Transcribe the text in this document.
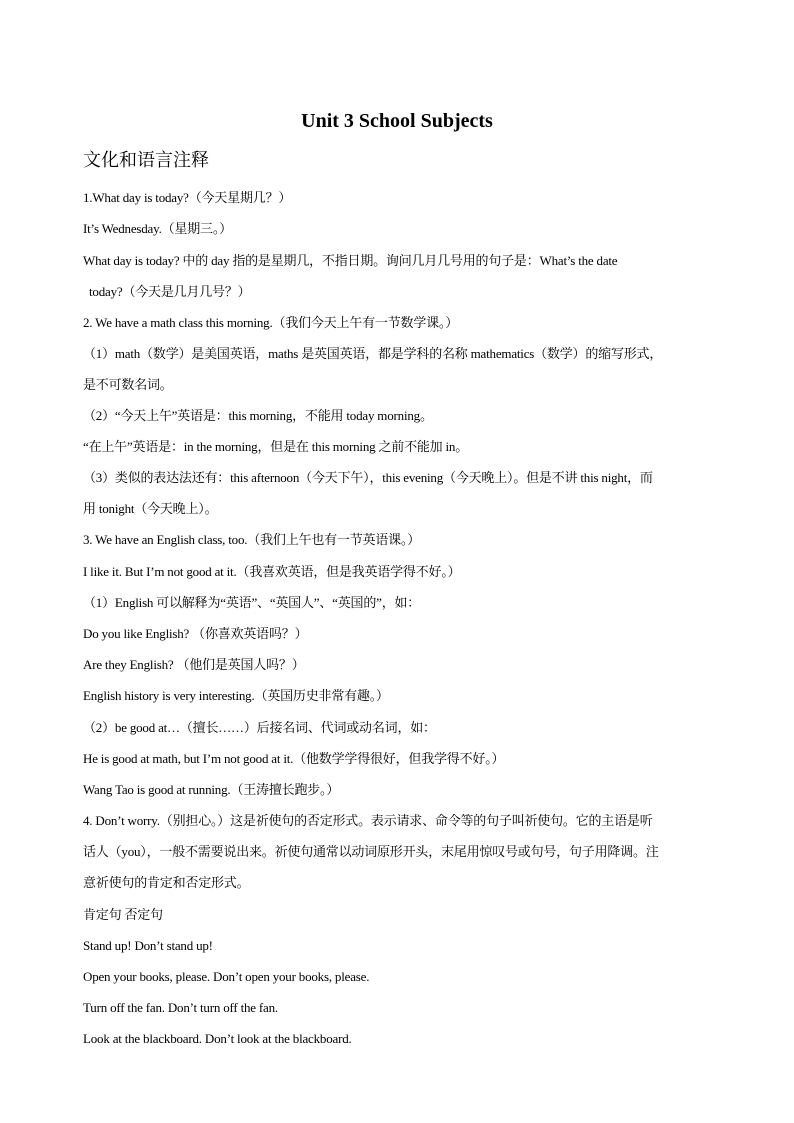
Unit 3 School Subjects
文化和语言注释
1.What day is today?（今天星期几？）
It’s Wednesday.（星期三。）
What day is today? 中的 day 指的是星期几，不指日期。询问几月几号用的句子是：What’s the date
today?（今天是几月几号？）
2. We have a math class this morning.（我们今天上午有一节数学课。）
（1）math（数学）是美国英语，maths 是英国英语，都是学科的名称 mathematics（数学）的缩写形式，
是不可数名词。
（2）“今天上午”英语是：this morning，不能用 today morning。
“在上午”英语是：in the morning，但是在 this morning 之前不能加 in。
（3）类似的表达法还有：this afternoon（今天下午），this evening（今天晚上）。但是不讲 this night，而
用 tonight（今天晚上）。
3. We have an English class, too.（我们上午也有一节英语课。）
I like it. But I’m not good at it.（我喜欢英语，但是我英语学得不好。）
（1）English 可以解释为“英语”、“英国人”、“英国的”，如：
Do you like English? （你喜欢英语吗？）
Are they English? （他们是英国人吗？）
English history is very interesting.（英国历史非常有趣。）
（2）be good at…（擅长……）后接名词、代词或动名词，如：
He is good at math, but I’m not good at it.（他数学学得很好，但我学得不好。）
Wang Tao is good at running.（王涛擅长跑步。）
4. Don’t worry.（别担心。）这是祈使句的否定形式。表示请求、命令等的句子叫祈使句。它的主语是听
话人（you），一般不需要说出来。祈使句通常以动词原形开头，末尾用惊叹号或句号，句子用降调。注
意祈使句的肯定和否定形式。
肯定句 否定句
Stand up! Don’t stand up!
Open your books, please. Don’t open your books, please.
Turn off the fan. Don’t turn off the fan.
Look at the blackboard. Don’t look at the blackboard.
